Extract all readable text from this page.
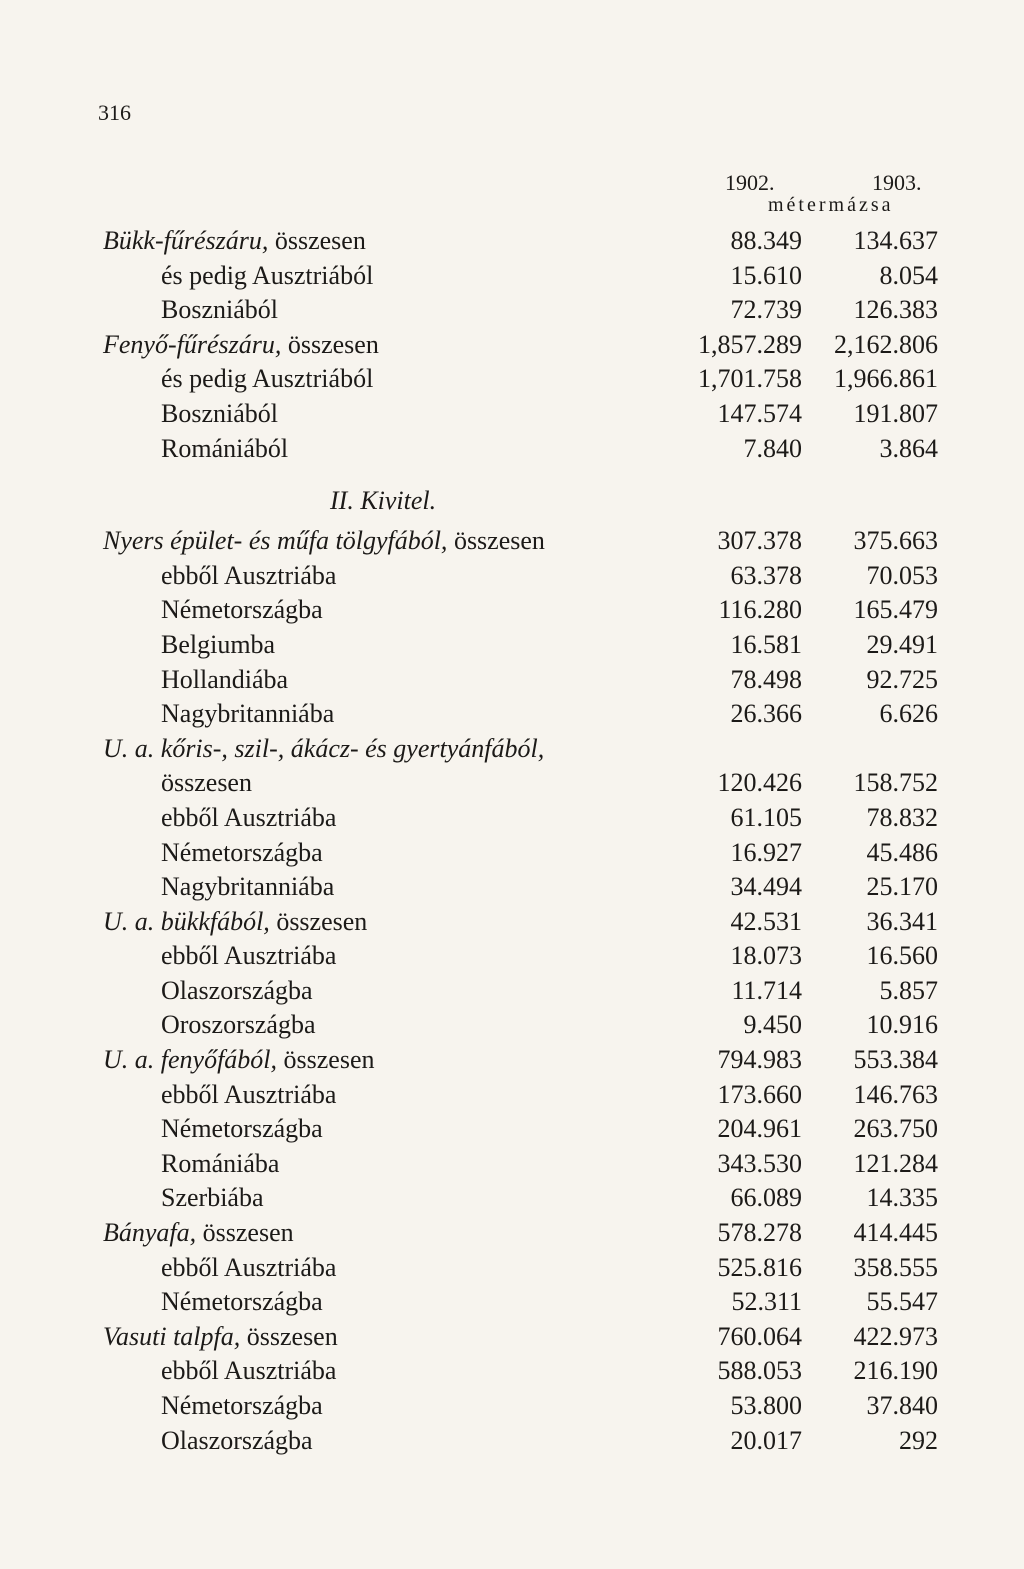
316
1902.	1903.
métermázsa
Bükk-fűrészáru, összesen	88.349 134.637
és pedig Ausztriából	15.610	8.054
Boszniából	72.739 126.383
Fenyő-fűrészáru, összesen	1,857.289 2,162.806
és pedig Ausztriából	1,701.758 1,966.861
Boszniából	147.574 191.807
Romániából	7.840	3.864
II. Kivitel.
Nyers épület- és műfa tölgyfából, összesen	307.378 375.663
ebből Ausztriába	63.378 70.053
Németországba	116.280 165.479
Belgiumba	16.581 29.491
Hollandiába	78.498 92.725
Nagybritanniába	26.366	6.626
U. a. kőris-, szil-, ákácz- és gyertyánfából,
összesen	120.426 158.752
ebből Ausztriába	61.105 78.832
Németországba	16.927 45.486
Nagybritanniába	34.494 25.170
U. a. bükkfából, összesen	42.531 36.341
ebből Ausztriába	18.073 16.560
Olaszországba	11.714	5.857
Oroszországba	9.450 10.916
U. a. fenyőfából, összesen	794.983 553.384
ebből Ausztriába	173.660 146.763
Németországba	204.961 263.750
Romániába	343.530 121.284
Szerbiába	66.089 14.335
Bányafa, összesen	578.278 414.445
ebből Ausztriába	525.816 358.555
Németországba	52.311 55.547
Vasuti talpfa, összesen	760.064 422.973
ebből Ausztriába	588.053 216.190
Németországba	53.800 37.840
Olaszországba	20.017	292
